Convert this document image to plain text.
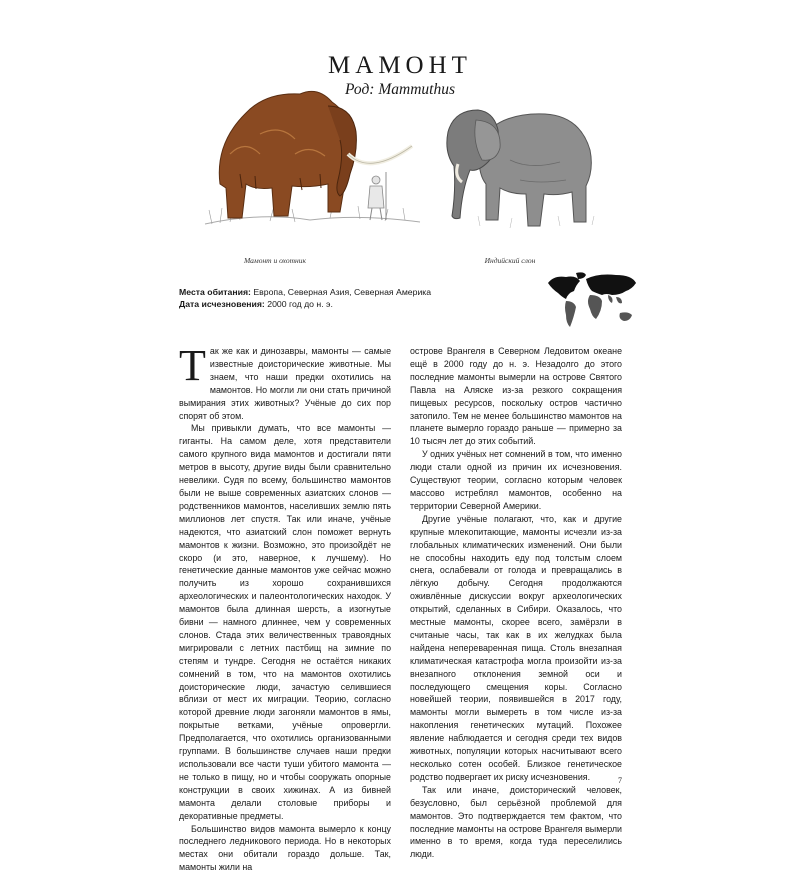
МАМОНТ
Род: Mammuthus
Мамонт и охотник	Индийский слон
Места обитания: Европа, Северная Азия, Северная Америка
Дата исчезновения: 2000 год до н. э.

Так же как и динозавры, мамонты — самые известные доисторические животные. Мы знаем, что наши предки охотились на мамонтов. Но могли ли они стать причиной вымирания этих животных? Учёные до сих пор спорят об этом.

Мы привыкли думать, что все мамонты — гиганты. На самом деле, хотя представители самого крупного вида мамонтов и достигали пяти метров в высоту, другие виды были сравнительно невелики. Судя по всему, большинство мамонтов были не выше современных азиатских слонов — родственников мамонтов, населивших землю пять миллионов лет спустя. Так или иначе, учёные надеются, что азиатский слон поможет вернуть мамонтов к жизни. Возможно, это произойдёт не скоро (и это, наверное, к лучшему). Но генетические данные мамонтов уже сейчас можно получить из хорошо сохранившихся археологических и палеонтологических находок. У мамонтов была длинная шерсть, а изогнутые бивни — намного длиннее, чем у современных слонов. Стада этих величественных травоядных мигрировали с летних пастбищ на зимние по степям и тундре. Сегодня не остаётся никаких сомнений в том, что на мамонтов охотились доисторические люди, зачастую селившиеся вблизи от мест их миграции. Теорию, согласно которой древние люди загоняли мамонтов в ямы, покрытые ветками, учёные опровергли. Предполагается, что охотились организованными группами. В большинстве случаев наши предки использовали все части туши убитого мамонта — не только в пищу, но и чтобы сооружать опорные конструкции в своих хижинах. А из бивней мамонта делали столовые приборы и декоративные предметы.

Большинство видов мамонта вымерло к концу последнего ледникового периода. Но в некоторых местах они обитали гораздо дольше. Так, мамонты жили на

острове Врангеля в Северном Ледовитом океане ещё в 2000 году до н. э. Незадолго до этого последние мамонты вымерли на острове Святого Павла на Аляске из-за резкого сокращения пищевых ресурсов, поскольку остров частично затопило. Тем не менее большинство мамонтов на планете вымерло гораздо раньше — примерно за 10 тысяч лет до этих событий.

У одних учёных нет сомнений в том, что именно люди стали одной из причин их исчезновения. Существуют теории, согласно которым человек массово истреблял мамонтов, особенно на территории Северной Америки.

Другие учёные полагают, что, как и другие крупные млекопитающие, мамонты исчезли из-за глобальных климатических изменений. Они были не способны находить еду под толстым слоем снега, ослабевали от голода и превращались в лёгкую добычу. Сегодня продолжаются оживлённые дискуссии вокруг археологических открытий, сделанных в Сибири. Оказалось, что местные мамонты, скорее всего, замёрзли в считаные часы, так как в их желудках была найдена непереваренная пища. Столь внезапная климатическая катастрофа могла произойти из-за внезапного отклонения земной оси и последующего смещения коры. Согласно новейшей теории, появившейся в 2017 году, мамонты могли вымереть в том числе из-за накопления генетических мутаций. Похожее явление наблюдается и сегодня среди тех видов животных, популяции которых насчитывают всего несколько сотен особей. Близкое генетическое родство подвергает их риску исчезновения.

Так или иначе, доисторический человек, безусловно, был серьёзной проблемой для мамонтов. Это подтверждается тем фактом, что последние мамонты на острове Врангеля вымерли именно в то время, когда туда переселились люди.

7
